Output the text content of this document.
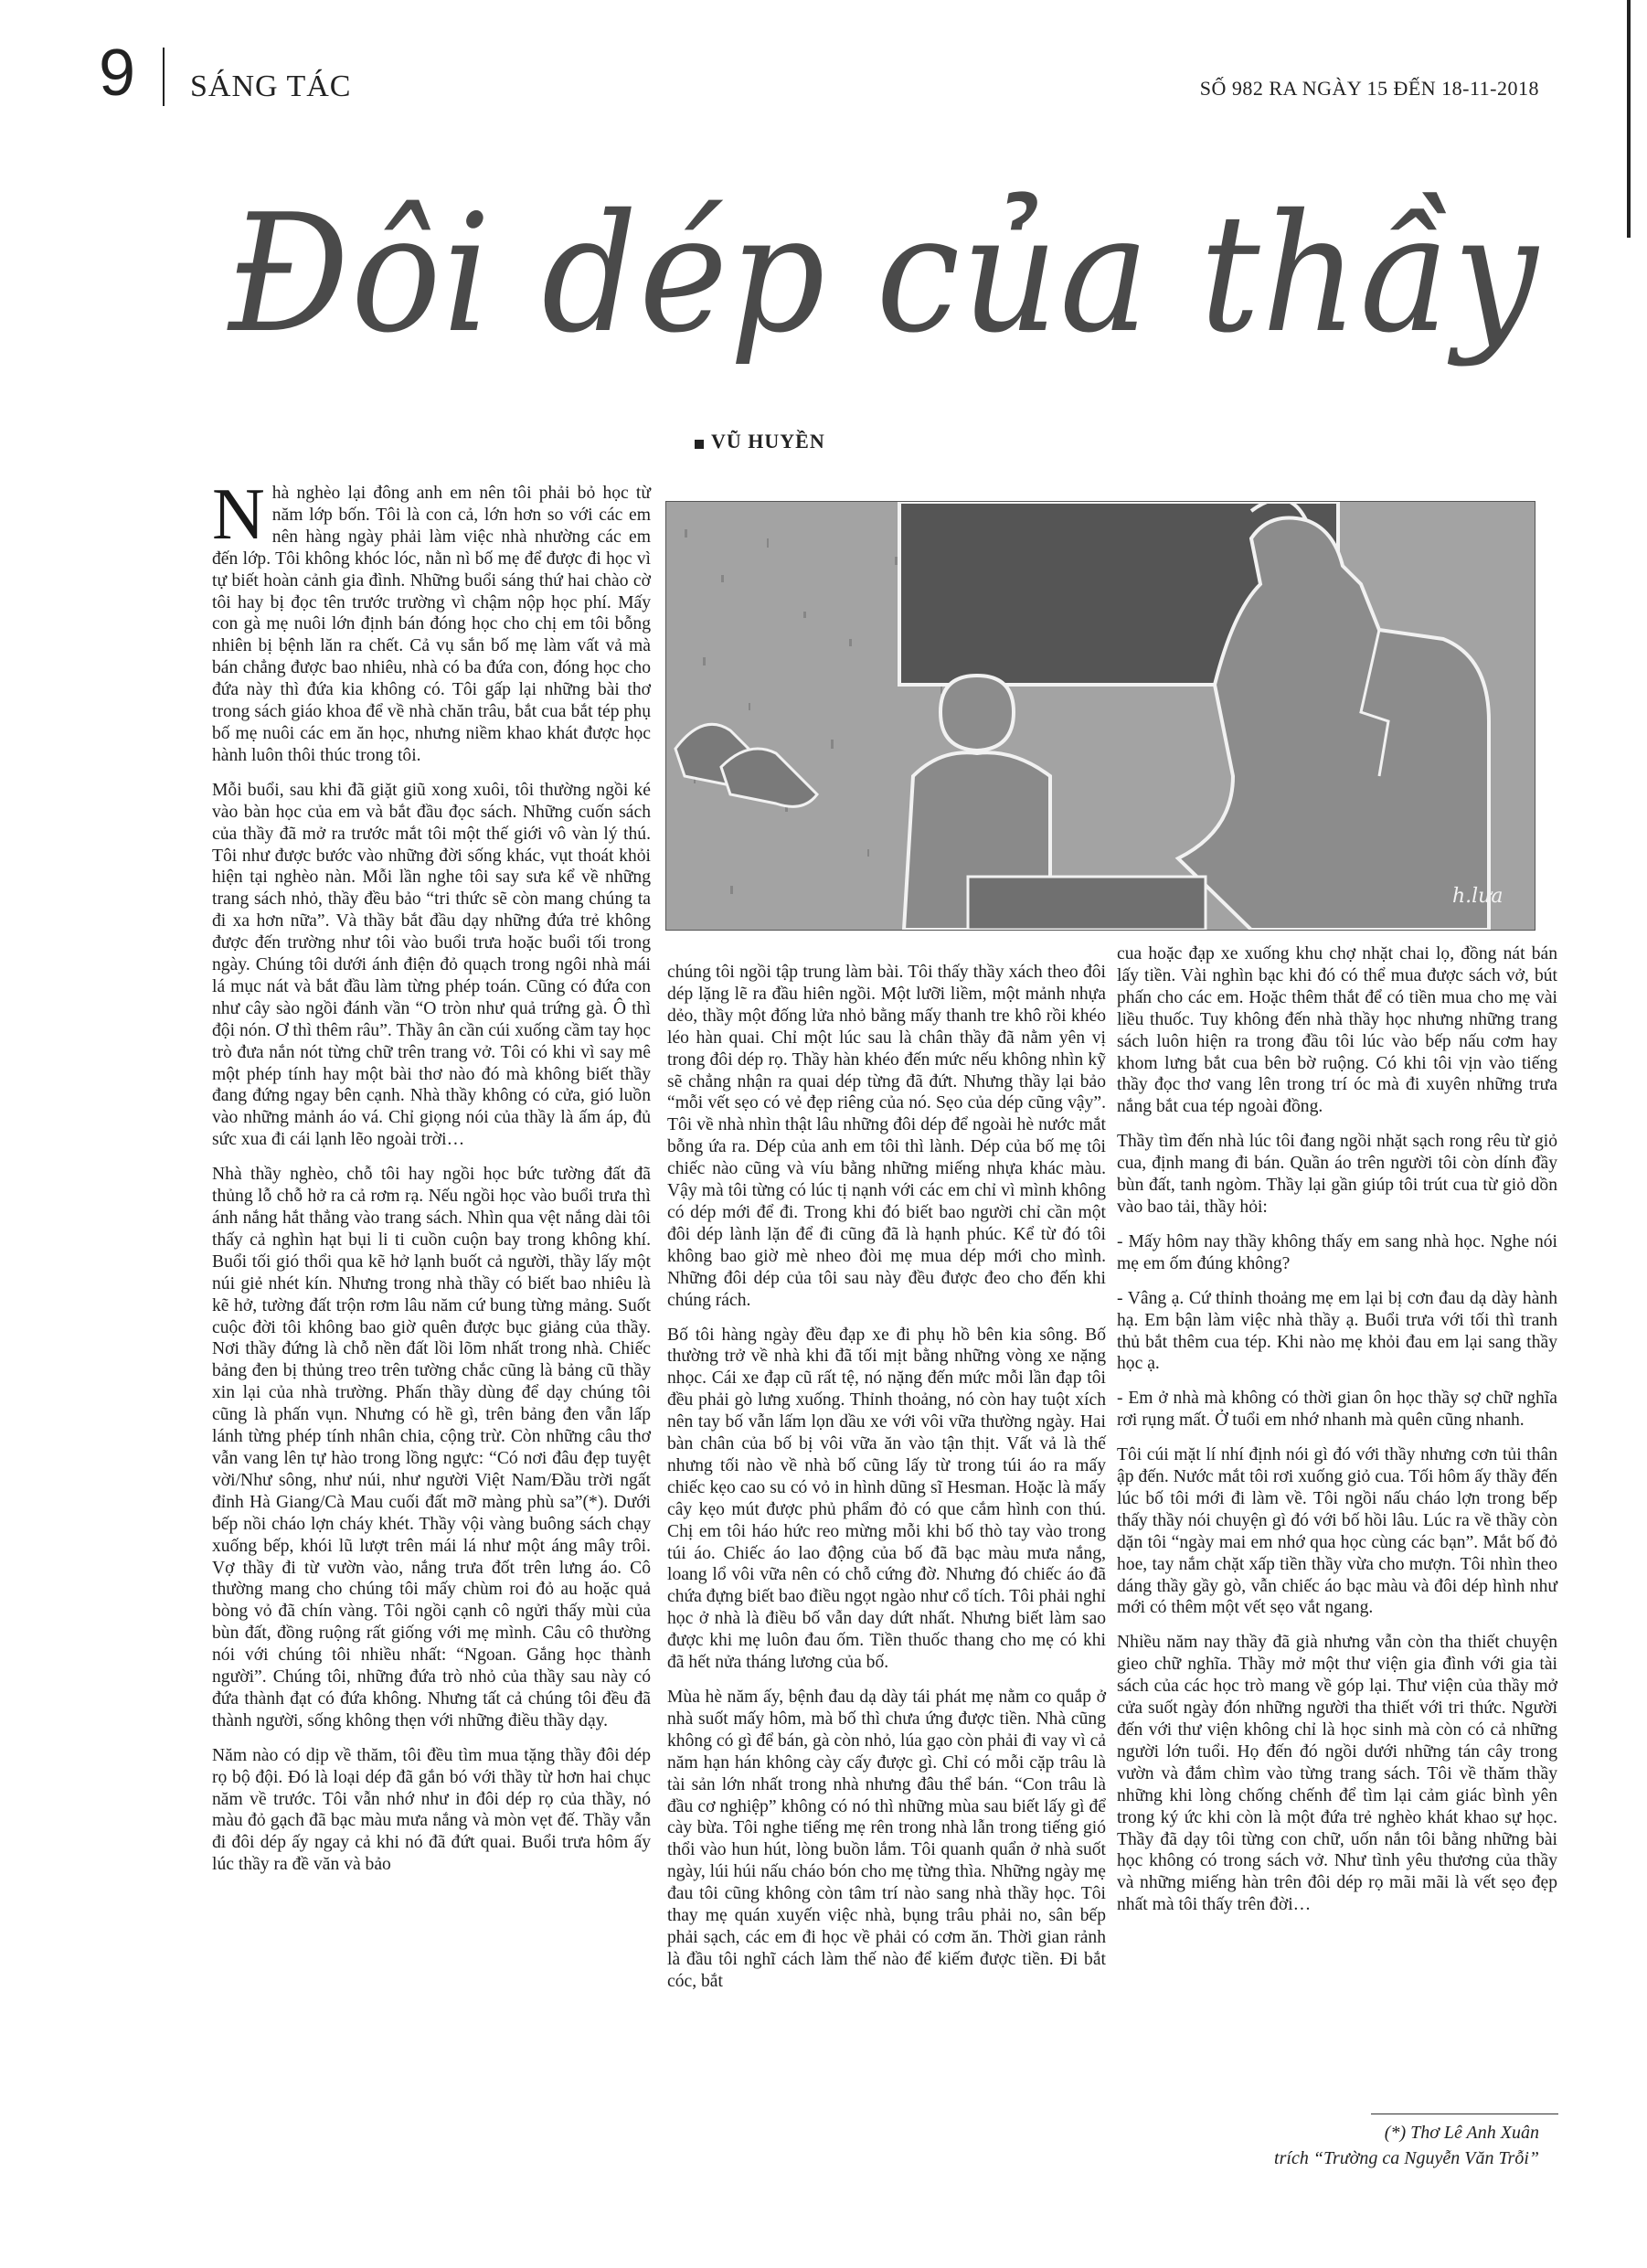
9	SÁNG TÁC	SỐ 982 RA NGÀY 15 ĐẾN 18-11-2018
Đôi dép của thầy
VŨ HUYỀN
h.lưa

Nhà nghèo lại đông anh em nên tôi phải bỏ học từ năm lớp bốn. Tôi là con cả, lớn hơn so với các em nên hàng ngày phải làm việc nhà nhường các em đến lớp. Tôi không khóc lóc, nằn nì bố mẹ để được đi học vì tự biết hoàn cảnh gia đình. Những buổi sáng thứ hai chào cờ tôi hay bị đọc tên trước trường vì chậm nộp học phí. Mấy con gà mẹ nuôi lớn định bán đóng học cho chị em tôi bỗng nhiên bị bệnh lăn ra chết. Cả vụ sắn bố mẹ làm vất vả mà bán chẳng được bao nhiêu, nhà có ba đứa con, đóng học cho đứa này thì đứa kia không có. Tôi gấp lại những bài thơ trong sách giáo khoa để về nhà chăn trâu, bắt cua bắt tép phụ bố mẹ nuôi các em ăn học, nhưng niềm khao khát được học hành luôn thôi thúc trong tôi.

Mỗi buổi, sau khi đã giặt giũ xong xuôi, tôi thường ngồi ké vào bàn học của em và bắt đầu đọc sách. Những cuốn sách của thầy đã mở ra trước mắt tôi một thế giới vô vàn lý thú. Tôi như được bước vào những đời sống khác, vụt thoát khỏi hiện tại nghèo nàn. Mỗi lần nghe tôi say sưa kể về những trang sách nhỏ, thầy đều bảo “tri thức sẽ còn mang chúng ta đi xa hơn nữa”. Và thầy bắt đầu dạy những đứa trẻ không được đến trường như tôi vào buổi trưa hoặc buổi tối trong ngày. Chúng tôi dưới ánh điện đỏ quạch trong ngôi nhà mái lá mục nát và bắt đầu làm từng phép toán. Cũng có đứa con như cây sào ngồi đánh vần “O tròn như quả trứng gà. Ô thì đội nón. Ơ thì thêm râu”. Thầy ân cần cúi xuống cầm tay học trò đưa nắn nót từng chữ trên trang vở. Tôi có khi vì say mê một phép tính hay một bài thơ nào đó mà không biết thầy đang đứng ngay bên cạnh. Nhà thầy không có cửa, gió luồn vào những mảnh áo vá. Chỉ giọng nói của thầy là ấm áp, đủ sức xua đi cái lạnh lẽo ngoài trời…

Nhà thầy nghèo, chỗ tôi hay ngồi học bức tường đất đã thủng lỗ chỗ hở ra cả rơm rạ. Nếu ngồi học vào buổi trưa thì ánh nắng hắt thẳng vào trang sách. Nhìn qua vệt nắng dài tôi thấy cả nghìn hạt bụi li ti cuồn cuộn bay trong không khí. Buổi tối gió thổi qua kẽ hở lạnh buốt cả người, thầy lấy một núi giẻ nhét kín. Nhưng trong nhà thầy có biết bao nhiêu là kẽ hở, tường đất trộn rơm lâu năm cứ bung từng mảng. Suốt cuộc đời tôi không bao giờ quên được bục giảng của thầy. Nơi thầy đứng là chỗ nền đất lồi lõm nhất trong nhà. Chiếc bảng đen bị thủng treo trên tường chắc cũng là bảng cũ thầy xin lại của nhà trường. Phấn thầy dùng để dạy chúng tôi cũng là phấn vụn. Nhưng có hề gì, trên bảng đen vẫn lấp lánh từng phép tính nhân chia, cộng trừ. Còn những câu thơ vẫn vang lên tự hào trong lồng ngực: “Có nơi đâu đẹp tuyệt vời/Như sông, như núi, như người Việt Nam/Đầu trời ngất đỉnh Hà Giang/Cà Mau cuối đất mỡ màng phù sa”(*). Dưới bếp nồi cháo lợn cháy khét. Thầy vội vàng buông sách chạy xuống bếp, khói lũ lượt trên mái lá như một áng mây trôi. Vợ thầy đi từ vườn vào, nắng trưa đốt trên lưng áo. Cô thường mang cho chúng tôi mấy chùm roi đỏ au hoặc quả bòng vỏ đã chín vàng. Tôi ngồi cạnh cô ngửi thấy mùi của bùn đất, đồng ruộng rất giống với mẹ mình. Câu cô thường nói với chúng tôi nhiều nhất: “Ngoan. Gắng học thành người”. Chúng tôi, những đứa trò nhỏ của thầy sau này có đứa thành đạt có đứa không. Nhưng tất cả chúng tôi đều đã thành người, sống không thẹn với những điều thầy dạy.

Năm nào có dịp về thăm, tôi đều tìm mua tặng thầy đôi dép rọ bộ đội. Đó là loại dép đã gắn bó với thầy từ hơn hai chục năm về trước. Tôi vẫn nhớ như in đôi dép rọ của thầy, nó màu đỏ gạch đã bạc màu mưa nắng và mòn vẹt đế. Thầy vẫn đi đôi dép ấy ngay cả khi nó đã đứt quai. Buổi trưa hôm ấy lúc thầy ra đề văn và bảo

chúng tôi ngồi tập trung làm bài. Tôi thấy thầy xách theo đôi dép lặng lẽ ra đầu hiên ngồi. Một lưỡi liềm, một mảnh nhựa dẻo, thầy một đống lửa nhỏ bằng mấy thanh tre khô rồi khéo léo hàn quai. Chỉ một lúc sau là chân thầy đã nằm yên vị trong đôi dép rọ. Thầy hàn khéo đến mức nếu không nhìn kỹ sẽ chẳng nhận ra quai dép từng đã đứt. Nhưng thầy lại bảo “mỗi vết sẹo có vẻ đẹp riêng của nó. Sẹo của dép cũng vậy”. Tôi về nhà nhìn thật lâu những đôi dép để ngoài hè nước mắt bỗng ứa ra. Dép của anh em tôi thì lành. Dép của bố mẹ tôi chiếc nào cũng và víu bằng những miếng nhựa khác màu. Vậy mà tôi từng có lúc tị nạnh với các em chỉ vì mình không có dép mới để đi. Trong khi đó biết bao người chỉ cần một đôi dép lành lặn để đi cũng đã là hạnh phúc. Kể từ đó tôi không bao giờ mè nheo đòi mẹ mua dép mới cho mình. Những đôi dép của tôi sau này đều được đeo cho đến khi chúng rách.

Bố tôi hàng ngày đều đạp xe đi phụ hồ bên kia sông. Bố thường trở về nhà khi đã tối mịt bằng những vòng xe nặng nhọc. Cái xe đạp cũ rất tệ, nó nặng đến mức mỗi lần đạp tôi đều phải gò lưng xuống. Thỉnh thoảng, nó còn hay tuột xích nên tay bố vẫn lấm lọn dầu xe với vôi vữa thường ngày. Hai bàn chân của bố bị vôi vữa ăn vào tận thịt. Vất vả là thế nhưng tối nào về nhà bố cũng lấy từ trong túi áo ra mấy chiếc kẹo cao su có vỏ in hình dũng sĩ Hesman. Hoặc là mấy cây kẹo mút được phủ phẩm đỏ có que cắm hình con thú. Chị em tôi háo hức reo mừng mỗi khi bố thò tay vào trong túi áo. Chiếc áo lao động của bố đã bạc màu mưa nắng, loang lổ vôi vữa nên có chỗ cứng đờ. Nhưng đó chiếc áo đã chứa đựng biết bao điều ngọt ngào như cổ tích. Tôi phải nghỉ học ở nhà là điều bố vẫn day dứt nhất. Nhưng biết làm sao được khi mẹ luôn đau ốm. Tiền thuốc thang cho mẹ có khi đã hết nửa tháng lương của bố.

Mùa hè năm ấy, bệnh đau dạ dày tái phát mẹ nằm co quắp ở nhà suốt mấy hôm, mà bố thì chưa ứng được tiền. Nhà cũng không có gì để bán, gà còn nhỏ, lúa gạo còn phải đi vay vì cả năm hạn hán không cày cấy được gì. Chỉ có mỗi cặp trâu là tài sản lớn nhất trong nhà nhưng đâu thể bán. “Con trâu là đầu cơ nghiệp” không có nó thì những mùa sau biết lấy gì để cày bừa. Tôi nghe tiếng mẹ rên trong nhà lẫn trong tiếng gió thổi vào hun hút, lòng buồn lắm. Tôi quanh quẩn ở nhà suốt ngày, lúi húi nấu cháo bón cho mẹ từng thìa. Những ngày mẹ đau tôi cũng không còn tâm trí nào sang nhà thầy học. Tôi thay mẹ quán xuyến việc nhà, bụng trâu phải no, sân bếp phải sạch, các em đi học về phải có cơm ăn. Thời gian rảnh là đầu tôi nghĩ cách làm thế nào để kiếm được tiền. Đi bắt cóc, bắt

cua hoặc đạp xe xuống khu chợ nhặt chai lọ, đồng nát bán lấy tiền. Vài nghìn bạc khi đó có thể mua được sách vở, bút phấn cho các em. Hoặc thêm thắt để có tiền mua cho mẹ vài liều thuốc. Tuy không đến nhà thầy học nhưng những trang sách luôn hiện ra trong đầu tôi lúc vào bếp nấu cơm hay khom lưng bắt cua bên bờ ruộng. Có khi tôi vịn vào tiếng thầy đọc thơ vang lên trong trí óc mà đi xuyên những trưa nắng bắt cua tép ngoài đồng.

Thầy tìm đến nhà lúc tôi đang ngồi nhặt sạch rong rêu từ giỏ cua, định mang đi bán. Quần áo trên người tôi còn dính đầy bùn đất, tanh ngòm. Thầy lại gần giúp tôi trút cua từ giỏ dồn vào bao tải, thầy hỏi:

- Mấy hôm nay thầy không thấy em sang nhà học. Nghe nói mẹ em ốm đúng không?

- Vâng ạ. Cứ thỉnh thoảng mẹ em lại bị cơn đau dạ dày hành hạ. Em bận làm việc nhà thầy ạ. Buổi trưa với tối thì tranh thủ bắt thêm cua tép. Khi nào mẹ khỏi đau em lại sang thầy học ạ.

- Em ở nhà mà không có thời gian ôn học thầy sợ chữ nghĩa rơi rụng mất. Ở tuổi em nhớ nhanh mà quên cũng nhanh.

Tôi cúi mặt lí nhí định nói gì đó với thầy nhưng cơn tủi thân ập đến. Nước mắt tôi rơi xuống giỏ cua. Tối hôm ấy thầy đến lúc bố tôi mới đi làm về. Tôi ngồi nấu cháo lợn trong bếp thấy thầy nói chuyện gì đó với bố hồi lâu. Lúc ra về thầy còn dặn tôi “ngày mai em nhớ qua học cùng các bạn”. Mắt bố đỏ hoe, tay nắm chặt xấp tiền thầy vừa cho mượn. Tôi nhìn theo dáng thầy gầy gò, vẫn chiếc áo bạc màu và đôi dép hình như mới có thêm một vết sẹo vắt ngang.

Nhiều năm nay thầy đã già nhưng vẫn còn tha thiết chuyện gieo chữ nghĩa. Thầy mở một thư viện gia đình với gia tài sách của các học trò mang về góp lại. Thư viện của thầy mở cửa suốt ngày đón những người tha thiết với tri thức. Người đến với thư viện không chỉ là học sinh mà còn có cả những người lớn tuổi. Họ đến đó ngồi dưới những tán cây trong vườn và đắm chìm vào từng trang sách. Tôi về thăm thầy những khi lòng chống chếnh để tìm lại cảm giác bình yên trong ký ức khi còn là một đứa trẻ nghèo khát khao sự học. Thầy đã dạy tôi từng con chữ, uốn nắn tôi bằng những bài học không có trong sách vở. Như tình yêu thương của thầy và những miếng hàn trên đôi dép rọ mãi mãi là vết sẹo đẹp nhất mà tôi thấy trên đời…

(*) Thơ Lê Anh Xuân
trích “Trường ca Nguyễn Văn Trỗi”
